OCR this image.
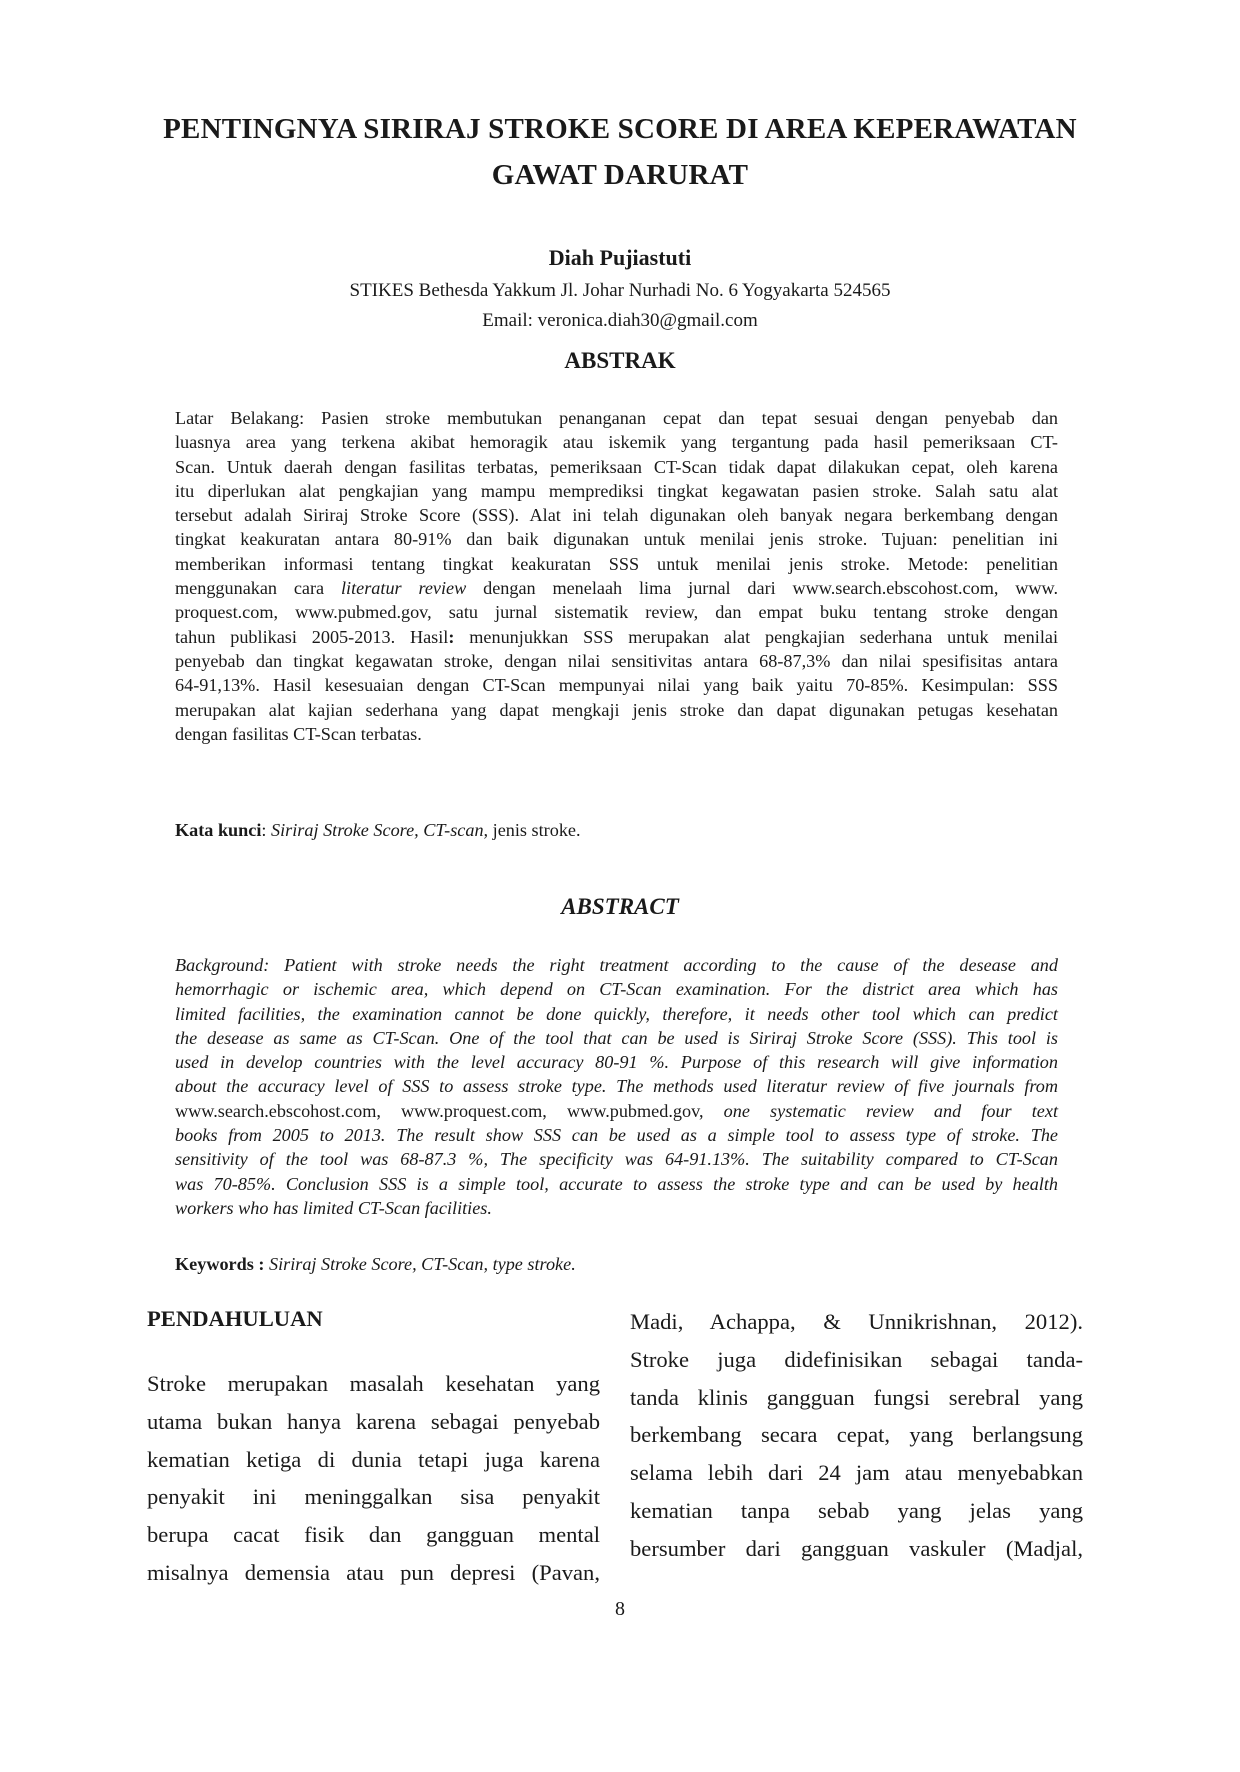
PENTINGNYA SIRIRAJ STROKE SCORE DI AREA KEPERAWATAN
GAWAT DARURAT

Diah Pujiastuti

STIKES Bethesda Yakkum Jl. Johar Nurhadi No. 6 Yogyakarta 524565
Email: veronica.diah30@gmail.com
ABSTRAK
Latar Belakang: Pasien stroke membutukan penanganan cepat dan tepat sesuai dengan penyebab dan
luasnya area yang terkena akibat hemoragik atau iskemik yang tergantung pada hasil pemeriksaan CT-
Scan. Untuk daerah dengan fasilitas terbatas, pemeriksaan CT-Scan tidak dapat dilakukan cepat, oleh karena
itu diperlukan alat pengkajian yang mampu memprediksi tingkat kegawatan pasien stroke. Salah satu alat
tersebut adalah Siriraj Stroke Score (SSS). Alat ini telah digunakan oleh banyak negara berkembang dengan
tingkat keakuratan antara 80-91% dan baik digunakan untuk menilai jenis stroke. Tujuan: penelitian ini
memberikan informasi tentang tingkat keakuratan SSS untuk menilai jenis stroke. Metode: penelitian
menggunakan cara literatur review dengan menelaah lima jurnal dari www.search.ebscohost.com, www.
proquest.com, www.pubmed.gov, satu jurnal sistematik review, dan empat buku tentang stroke dengan
tahun publikasi 2005-2013. Hasil: menunjukkan SSS merupakan alat pengkajian sederhana untuk menilai
penyebab dan tingkat kegawatan stroke, dengan nilai sensitivitas antara 68-87,3% dan nilai spesifisitas antara
64-91,13%. Hasil kesesuaian dengan CT-Scan mempunyai nilai yang baik yaitu 70-85%. Kesimpulan: SSS
merupakan alat kajian sederhana yang dapat mengkaji jenis stroke dan dapat digunakan petugas kesehatan
dengan fasilitas CT-Scan terbatas.

Kata kunci: Siriraj Stroke Score, CT-scan, jenis stroke.

ABSTRACT
Background: Patient with stroke needs the right treatment according to the cause of the desease and
hemorrhagic or ischemic area, which depend on CT-Scan examination. For the district area which has
limited facilities, the examination cannot be done quickly, therefore, it needs other tool which can predict
the desease as same as CT-Scan. One of the tool that can be used is Siriraj Stroke Score (SSS). This tool is
used in develop countries with the level accuracy 80-91 %. Purpose of this research will give information
about the accuracy level of SSS to assess stroke type. The methods used literatur review of five journals from
www.search.ebscohost.com, www.proquest.com, www.pubmed.gov, one systematic review and four text
books from 2005 to 2013. The result show SSS can be used as a simple tool to assess type of stroke. The
sensitivity of the tool was 68-87.3 %, The specificity was 64-91.13%. The suitability compared to CT-Scan
was 70-85%. Conclusion SSS is a simple tool, accurate to assess the stroke type and can be used by health
workers who has limited CT-Scan facilities.

Keywords : Siriraj Stroke Score, CT-Scan, type stroke.

PENDAHULUAN
Stroke merupakan masalah kesehatan yang
utama bukan hanya karena sebagai penyebab
kematian ketiga di dunia tetapi juga karena
penyakit ini meninggalkan sisa penyakit
berupa cacat fisik dan gangguan mental
misalnya demensia atau pun depresi (Pavan,
Madi, Achappa, & Unnikrishnan, 2012).
Stroke juga didefinisikan sebagai tanda-
tanda klinis gangguan fungsi serebral yang
berkembang secara cepat, yang berlangsung
selama lebih dari 24 jam atau menyebabkan
kematian tanpa sebab yang jelas yang
bersumber dari gangguan vaskuler (Madjal,

8
